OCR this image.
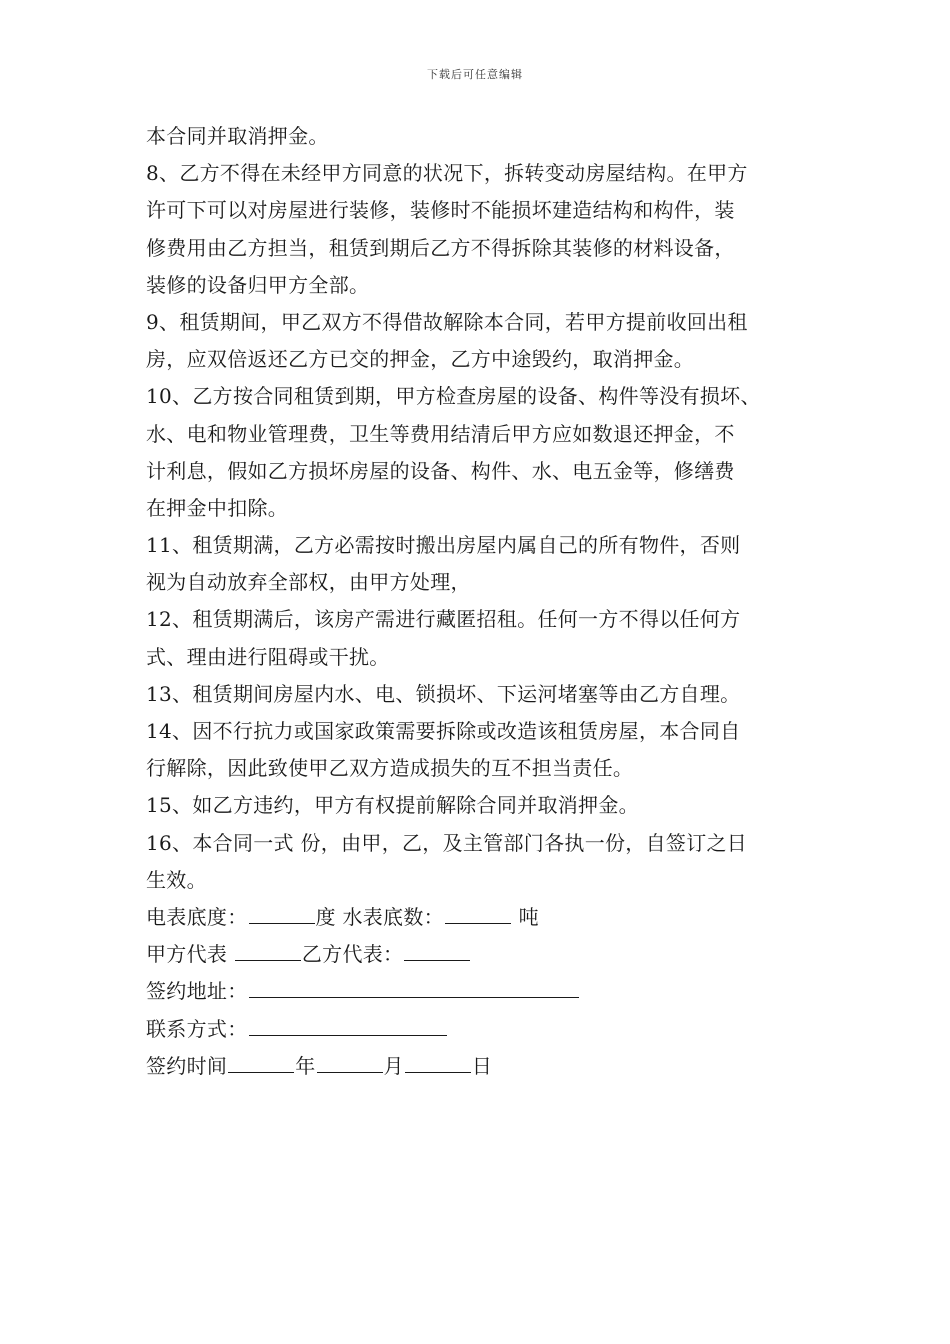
下载后可任意编辑
本合同并取消押金。
8、乙方不得在未经甲方同意的状况下，拆转变动房屋结构。在甲方
许可下可以对房屋进行装修，装修时不能损坏建造结构和构件，装
修费用由乙方担当，租赁到期后乙方不得拆除其装修的材料设备，
装修的设备归甲方全部。
9、租赁期间，甲乙双方不得借故解除本合同，若甲方提前收回出租
房，应双倍返还乙方已交的押金，乙方中途毁约，取消押金。
10、乙方按合同租赁到期，甲方检查房屋的设备、构件等没有损坏、
水、电和物业管理费，卫生等费用结清后甲方应如数退还押金，不
计利息，假如乙方损坏房屋的设备、构件、水、电五金等，修缮费
在押金中扣除。
11、租赁期满，乙方必需按时搬出房屋内属自己的所有物件，否则
视为自动放弃全部权，由甲方处理，
12、租赁期满后，该房产需进行藏匿招租。任何一方不得以任何方
式、理由进行阻碍或干扰。
13、租赁期间房屋内水、电、锁损坏、下运河堵塞等由乙方自理。
14、因不行抗力或国家政策需要拆除或改造该租赁房屋，本合同自
行解除，因此致使甲乙双方造成损失的互不担当责任。
15、如乙方违约，甲方有权提前解除合同并取消押金。
16、本合同一式 份，由甲，乙，及主管部门各执一份，自签订之日
生效。
电表底度：	度 水表底数：	吨
甲方代表	乙方代表：
签约地址：
联系方式：
签约时间	年	月	日
